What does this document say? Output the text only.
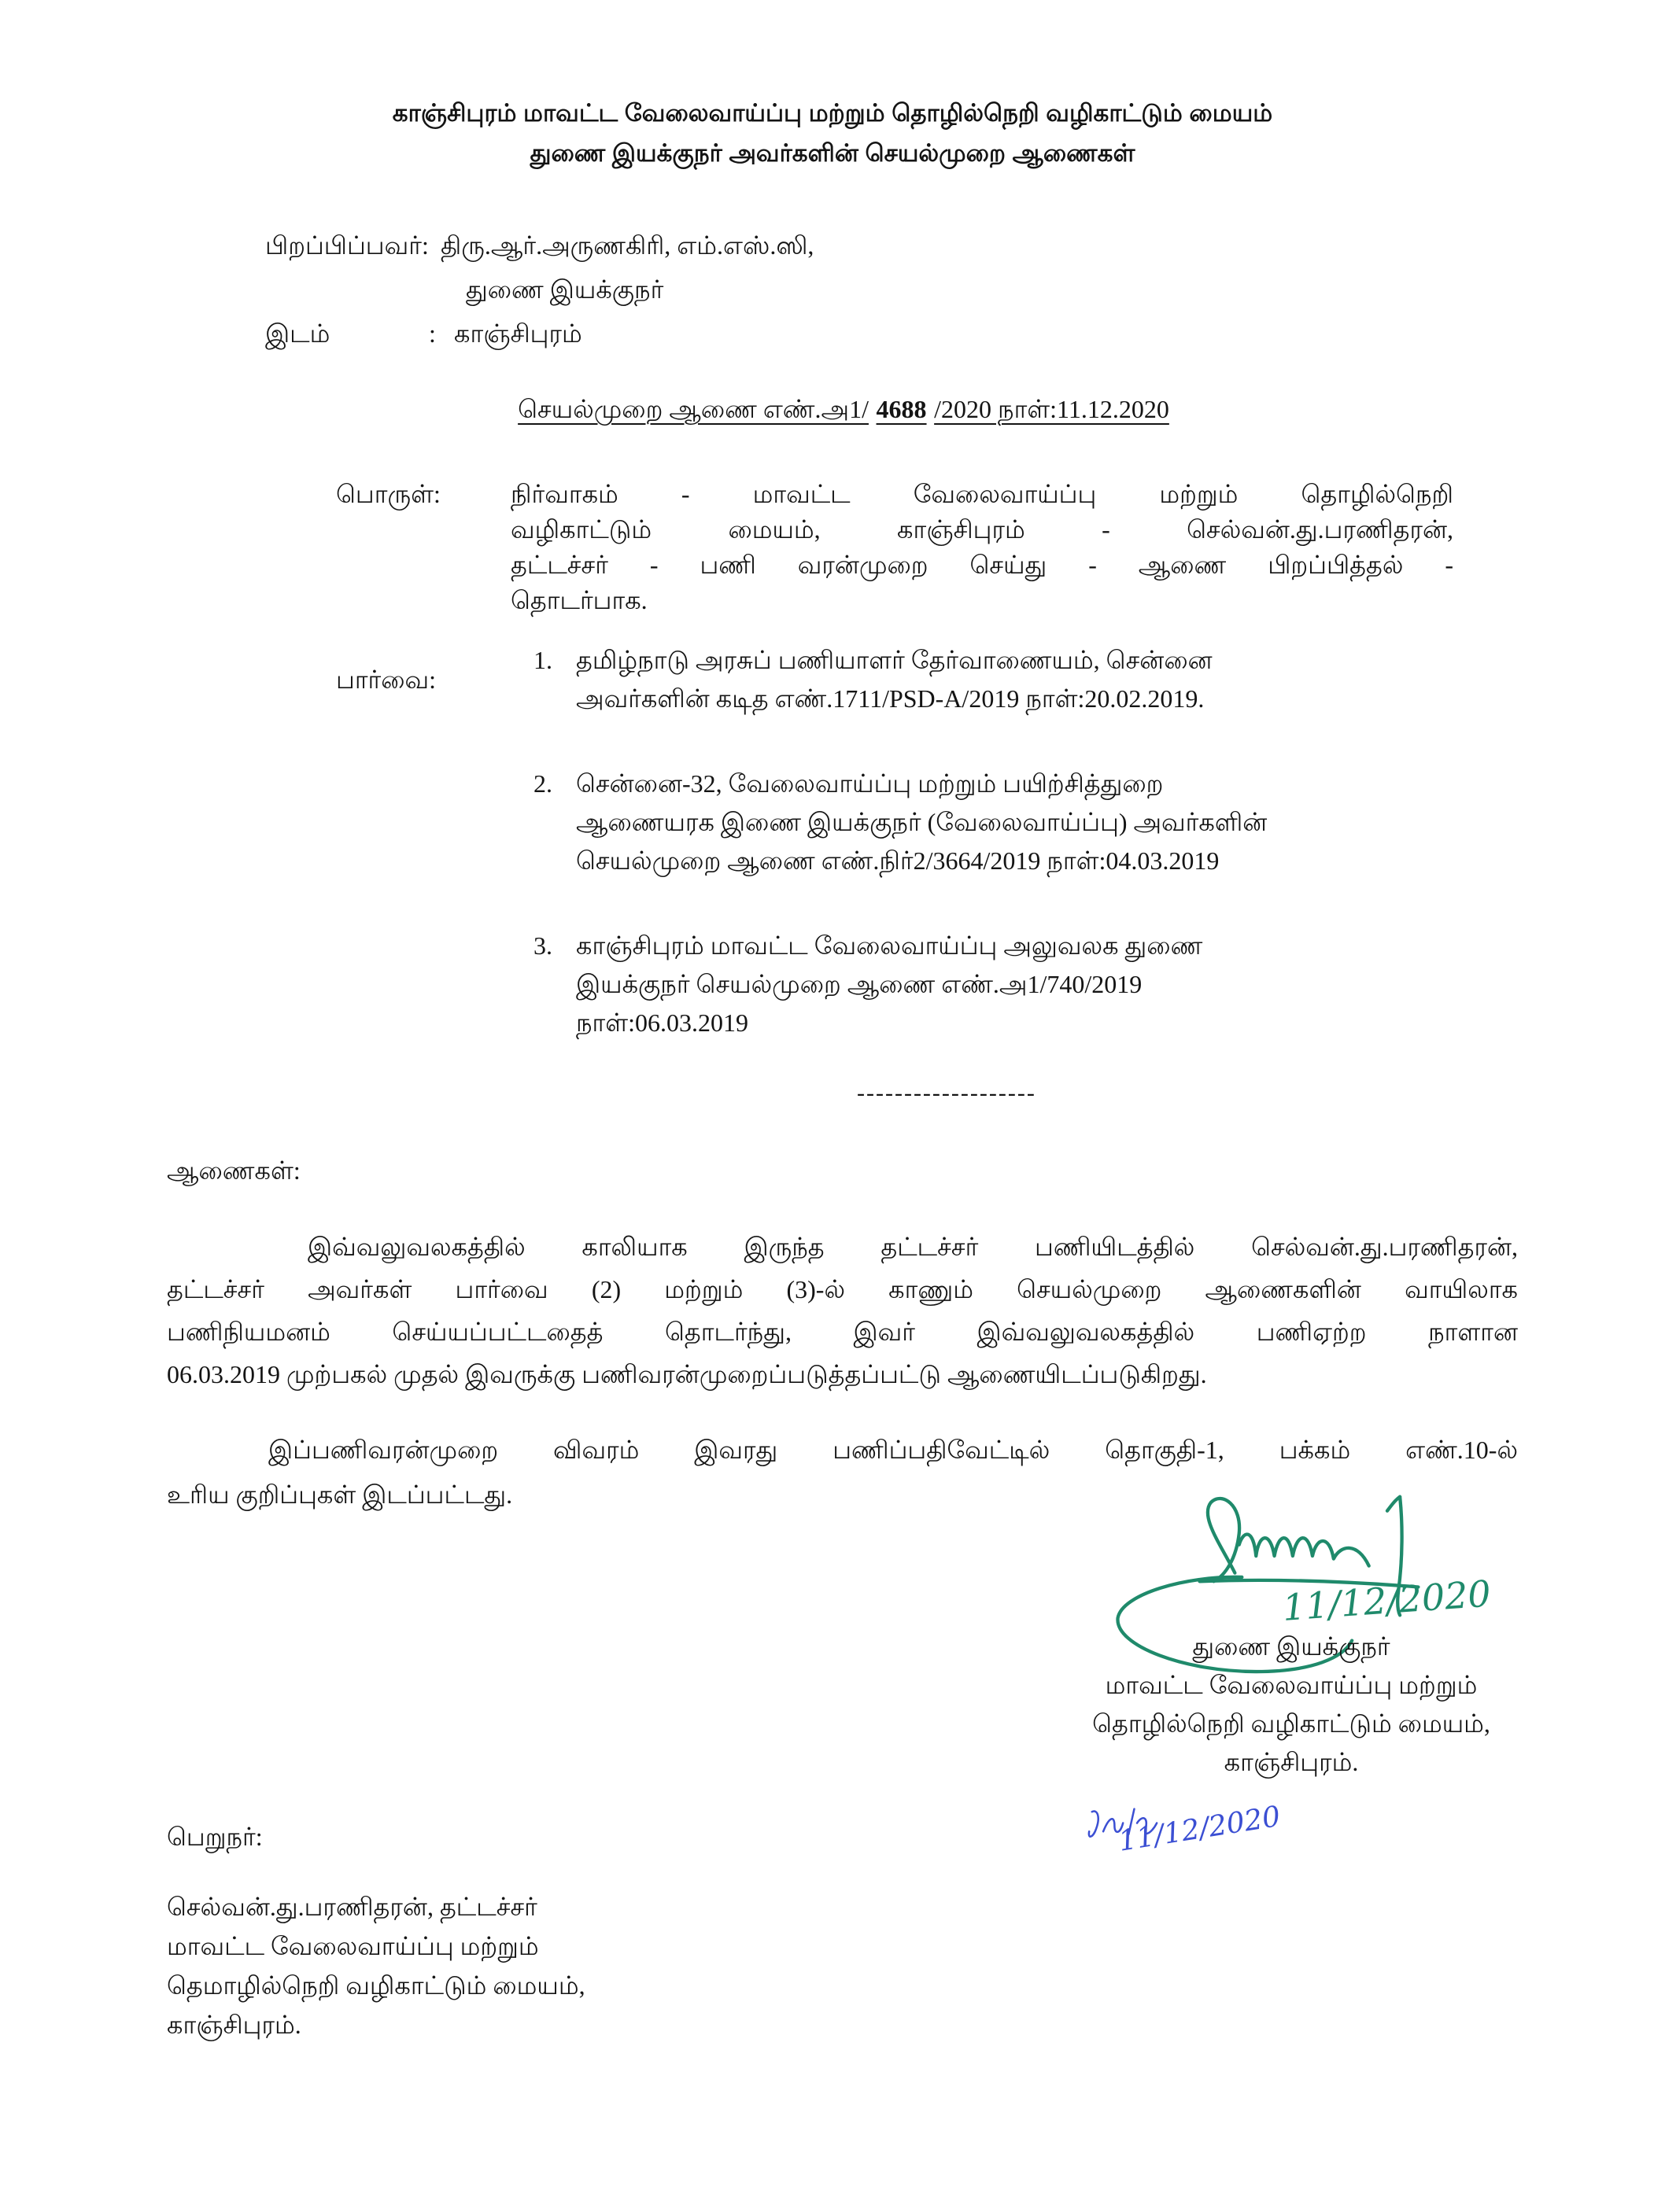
காஞ்சிபுரம் மாவட்ட வேலைவாய்ப்பு மற்றும் தொழில்நெறி வழிகாட்டும் மையம்
துணை இயக்குநர் அவர்களின் செயல்முறை ஆணைகள்
பிறப்பிப்பவர்: திரு.ஆர்.அருணகிரி, எம்.எஸ்.ஸி,
துணை இயக்குநர்
இடம்	: காஞ்சிபுரம்
செயல்முறை ஆணை எண்.அ1/ 4688 /2020 நாள்:11.12.2020
பொருள்:	நிர்வாகம் - மாவட்ட வேலைவாய்ப்பு மற்றும் தொழில்நெறி
வழிகாட்டும் மையம், காஞ்சிபுரம் - செல்வன்.து.பரணிதரன்,
தட்டச்சர் - பணி வரன்முறை செய்து - ஆணை பிறப்பித்தல் -
தொடர்பாக.
பார்வை:
1. தமிழ்நாடு அரசுப் பணியாளர் தேர்வாணையம், சென்னை
அவர்களின் கடித எண்.1711/PSD-A/2019 நாள்:20.02.2019.
2. சென்னை-32, வேலைவாய்ப்பு மற்றும் பயிற்சித்துறை
ஆணையரக இணை இயக்குநர் (வேலைவாய்ப்பு) அவர்களின்
செயல்முறை ஆணை எண்.நிர்2/3664/2019 நாள்:04.03.2019
3. காஞ்சிபுரம் மாவட்ட வேலைவாய்ப்பு அலுவலக துணை
இயக்குநர் செயல்முறை ஆணை எண்.அ1/740/2019
நாள்:06.03.2019
-------------------
ஆணைகள்:
இவ்வலுவலகத்தில் காலியாக இருந்த தட்டச்சர் பணியிடத்தில் செல்வன்.து.பரணிதரன்,
தட்டச்சர் அவர்கள் பார்வை (2) மற்றும் (3)-ல் காணும் செயல்முறை ஆணைகளின் வாயிலாக
பணிநியமனம் செய்யப்பட்டதைத் தொடர்ந்து, இவர் இவ்வலுவலகத்தில் பணிஏற்ற நாளான
06.03.2019 முற்பகல் முதல் இவருக்கு பணிவரன்முறைப்படுத்தப்பட்டு ஆணையிடப்படுகிறது.
இப்பணிவரன்முறை விவரம் இவரது பணிப்பதிவேட்டில் தொகுதி-1, பக்கம் எண்.10-ல்
உரிய குறிப்புகள் இடப்பட்டது.
11/12/2020
துணை இயக்குநர்
மாவட்ட வேலைவாய்ப்பு மற்றும்
தொழில்நெறி வழிகாட்டும் மையம்,
காஞ்சிபுரம்.
11/12/2020
பெறுநர்:
செல்வன்.து.பரணிதரன், தட்டச்சர்
மாவட்ட வேலைவாய்ப்பு மற்றும்
தெமாழில்நெறி வழிகாட்டும் மையம்,
காஞ்சிபுரம்.
